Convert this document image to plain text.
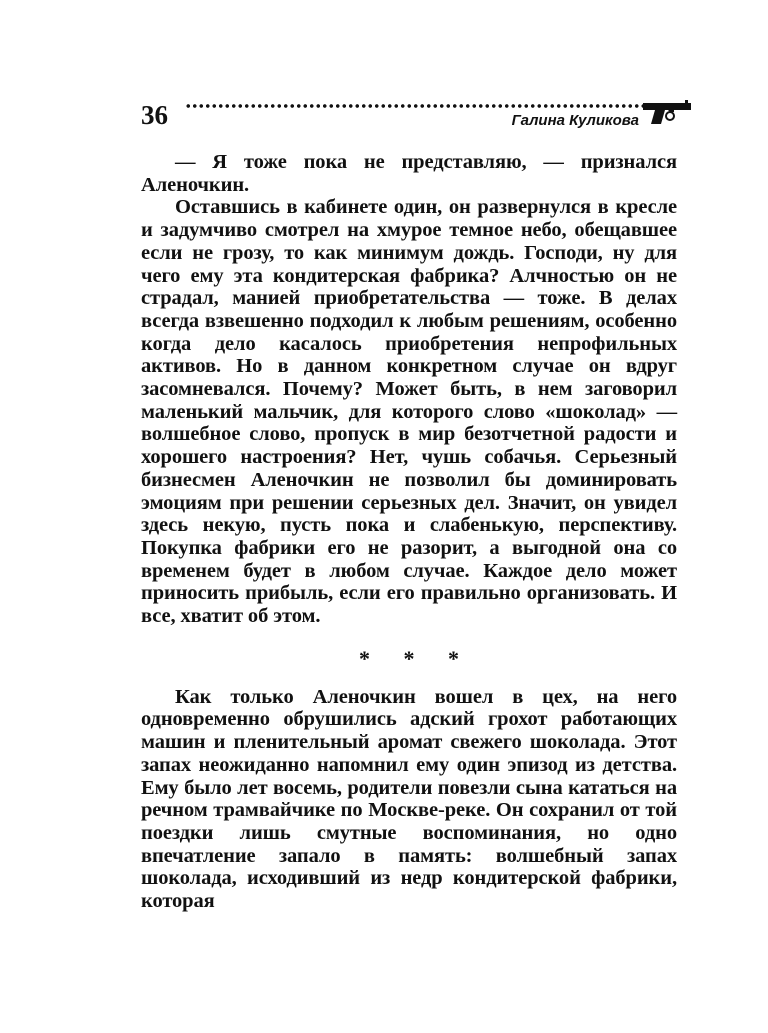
36	Галина Куликова

— Я тоже пока не представляю, — признался Аленочкин.

Оставшись в кабинете один, он развернулся в кресле и задумчиво смотрел на хмурое темное небо, обещавшее если не грозу, то как минимум дождь. Господи, ну для чего ему эта кондитерская фабрика? Алчностью он не страдал, манией приобретательства — тоже. В делах всегда взвешенно подходил к любым решениям, особенно когда дело касалось приобретения непрофильных активов. Но в данном конкретном случае он вдруг засомневался. Почему? Может быть, в нем заговорил маленький мальчик, для которого слово «шоколад» — волшебное слово, пропуск в мир безотчетной радости и хорошего настроения? Нет, чушь собачья. Серьезный бизнесмен Аленочкин не позволил бы доминировать эмоциям при решении серьезных дел. Значит, он увидел здесь некую, пусть пока и слабенькую, перспективу. Покупка фабрики его не разорит, а выгодной она со временем будет в любом случае. Каждое дело может приносить прибыль, если его правильно организовать. И все, хватит об этом.

* * *

Как только Аленочкин вошел в цех, на него одновременно обрушились адский грохот работающих машин и пленительный аромат свежего шоколада. Этот запах неожиданно напомнил ему один эпизод из детства. Ему было лет восемь, родители повезли сына кататься на речном трамвайчике по Москве-реке. Он сохранил от той поездки лишь смутные воспоминания, но одно впечатление запало в память: волшебный запах шоколада, исходивший из недр кондитерской фабрики, которая
